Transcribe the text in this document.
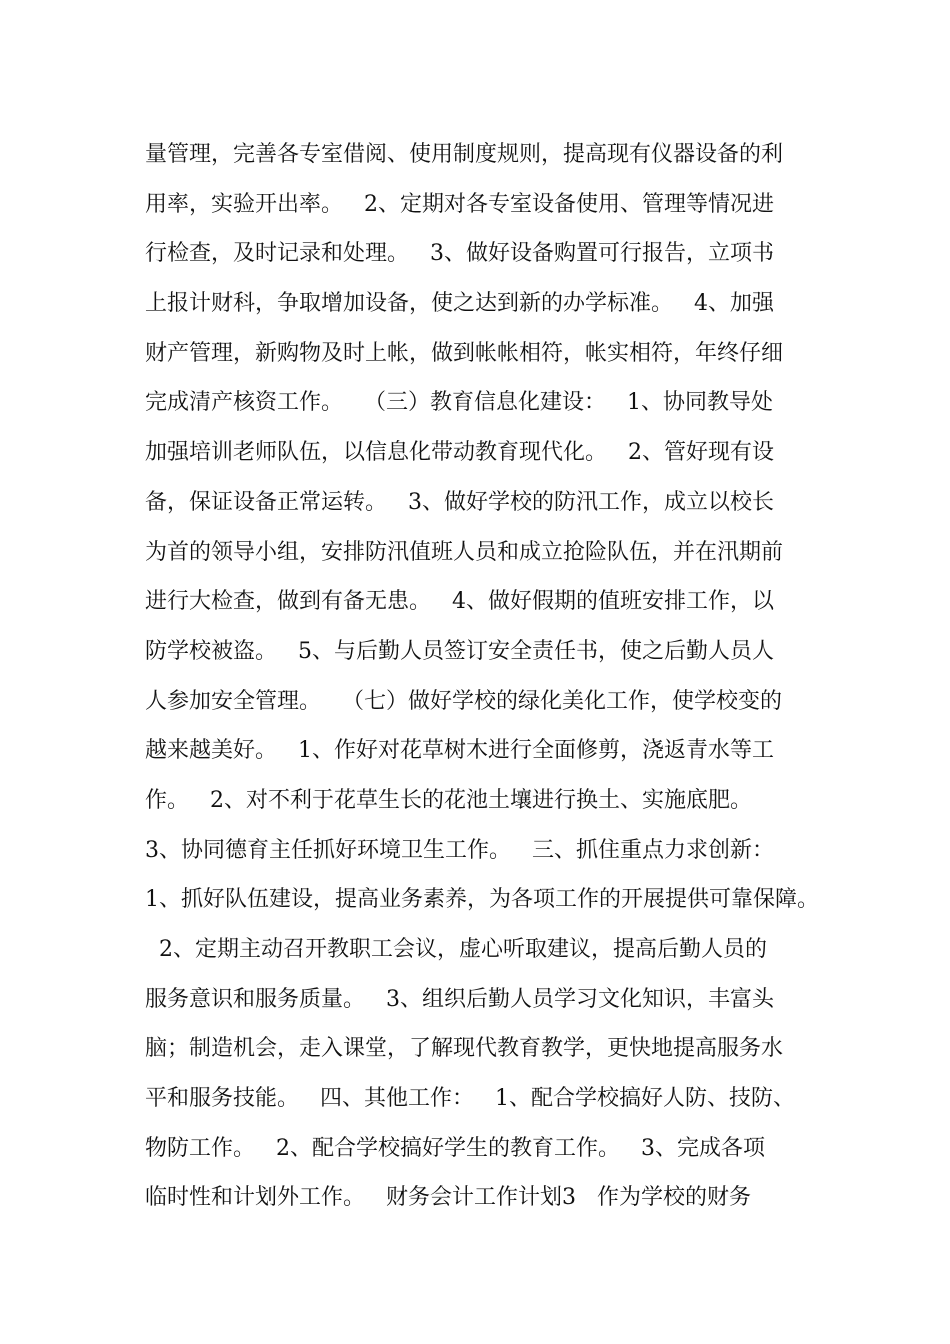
量管理，完善各专室借阅、使用制度规则，提高现有仪器设备的利
用率，实验开出率。   2、定期对各专室设备使用、管理等情况进
行检查，及时记录和处理。   3、做好设备购置可行报告，立项书
上报计财科，争取增加设备，使之达到新的办学标准。   4、加强
财产管理，新购物及时上帐，做到帐帐相符，帐实相符，年终仔细
完成清产核资工作。   （三）教育信息化建设：   1、协同教导处
加强培训老师队伍，以信息化带动教育现代化。   2、管好现有设
备，保证设备正常运转。   3、做好学校的防汛工作，成立以校长
为首的领导小组，安排防汛值班人员和成立抢险队伍，并在汛期前
进行大检查，做到有备无患。   4、做好假期的值班安排工作，以
防学校被盗。   5、与后勤人员签订安全责任书，使之后勤人员人
人参加安全管理。   （七）做好学校的绿化美化工作，使学校变的
越来越美好。   1、作好对花草树木进行全面修剪，浇返青水等工
作。   2、对不利于花草生长的花池土壤进行换土、实施底肥。
3、协同德育主任抓好环境卫生工作。   三、抓住重点力求创新：
1、抓好队伍建设，提高业务素养，为各项工作的开展提供可靠保障。
2、定期主动召开教职工会议，虚心听取建议，提高后勤人员的
服务意识和服务质量。   3、组织后勤人员学习文化知识，丰富头
脑；制造机会，走入课堂，了解现代教育教学，更快地提高服务水
平和服务技能。   四、其他工作：   1、配合学校搞好人防、技防、
物防工作。   2、配合学校搞好学生的教育工作。   3、完成各项
临时性和计划外工作。   财务会计工作计划3   作为学校的财务
